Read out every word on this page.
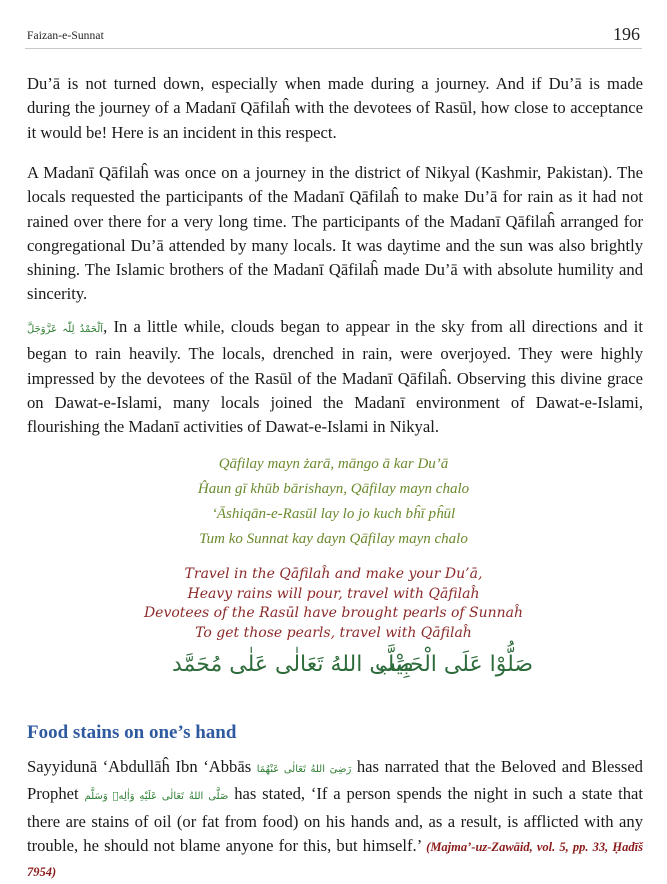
Faizan-e-Sunnat	196

Du’ā is not turned down, especially when made during a journey. And if Du’ā is made during the journey of a Madanī Qāfilaĥ with the devotees of Rasūl, how close to acceptance it would be! Here is an incident in this respect.

A Madanī Qāfilaĥ was once on a journey in the district of Nikyal (Kashmir, Pakistan). The locals requested the participants of the Madanī Qāfilaĥ to make Du’ā for rain as it had not rained over there for a very long time. The participants of the Madanī Qāfilaĥ arranged for congregational Du’ā attended by many locals. It was daytime and the sun was also brightly shining. The Islamic brothers of the Madanī Qāfilaĥ made Du’ā with absolute humility and sincerity.

اَلْحَمْدُ لِلّٰہ عَزَّوَجَلَّ, In a little while, clouds began to appear in the sky from all directions and it began to rain heavily. The locals, drenched in rain, were overjoyed. They were highly impressed by the devotees of the Rasūl of the Madanī Qāfilaĥ. Observing this divine grace on Dawat-e-Islami, many locals joined the Madanī environment of Dawat-e-Islami, flourishing the Madanī activities of Dawat-e-Islami in Nikyal.

Qāfilay mayn żarā, māngo ā kar Du’ā
Ĥaun gī khūb bārishayn, Qāfilay mayn chalo
‘Āshiqān-e-Rasūl lay lo jo kuch bĥī pĥūl
Tum ko Sunnat kay dayn Qāfilay mayn chalo
Travel in the Qāfilaĥ and make your Du’ā,
Heavy rains will pour, travel with Qāfilaĥ
Devotees of the Rasūl have brought pearls of Sunnaĥ
To get those pearls, travel with Qāfilaĥ
صَلُّوْا عَلَی الْحَبِیْب
صَلَّی اللهُ تَعَالٰی عَلٰی مُحَمَّد
Food stains on one’s hand

Sayyidunā ‘Abdullāĥ Ibn ‘Abbās رَضِیَ اللهُ تَعَالٰی عَنْهُمَا has narrated that the Beloved and Blessed Prophet صَلَّی اللهُ تَعَالٰی عَلَیْهِ وَاٰلِهٖ وَسَلَّم has stated, ‘If a person spends the night in such a state that there are stains of oil (or fat from food) on his hands and, as a result, is afflicted with any trouble, he should not blame anyone for this, but himself.’ (Majma’-uz-Zawāid, vol. 5, pp. 33, Ḥadīš 7954)
